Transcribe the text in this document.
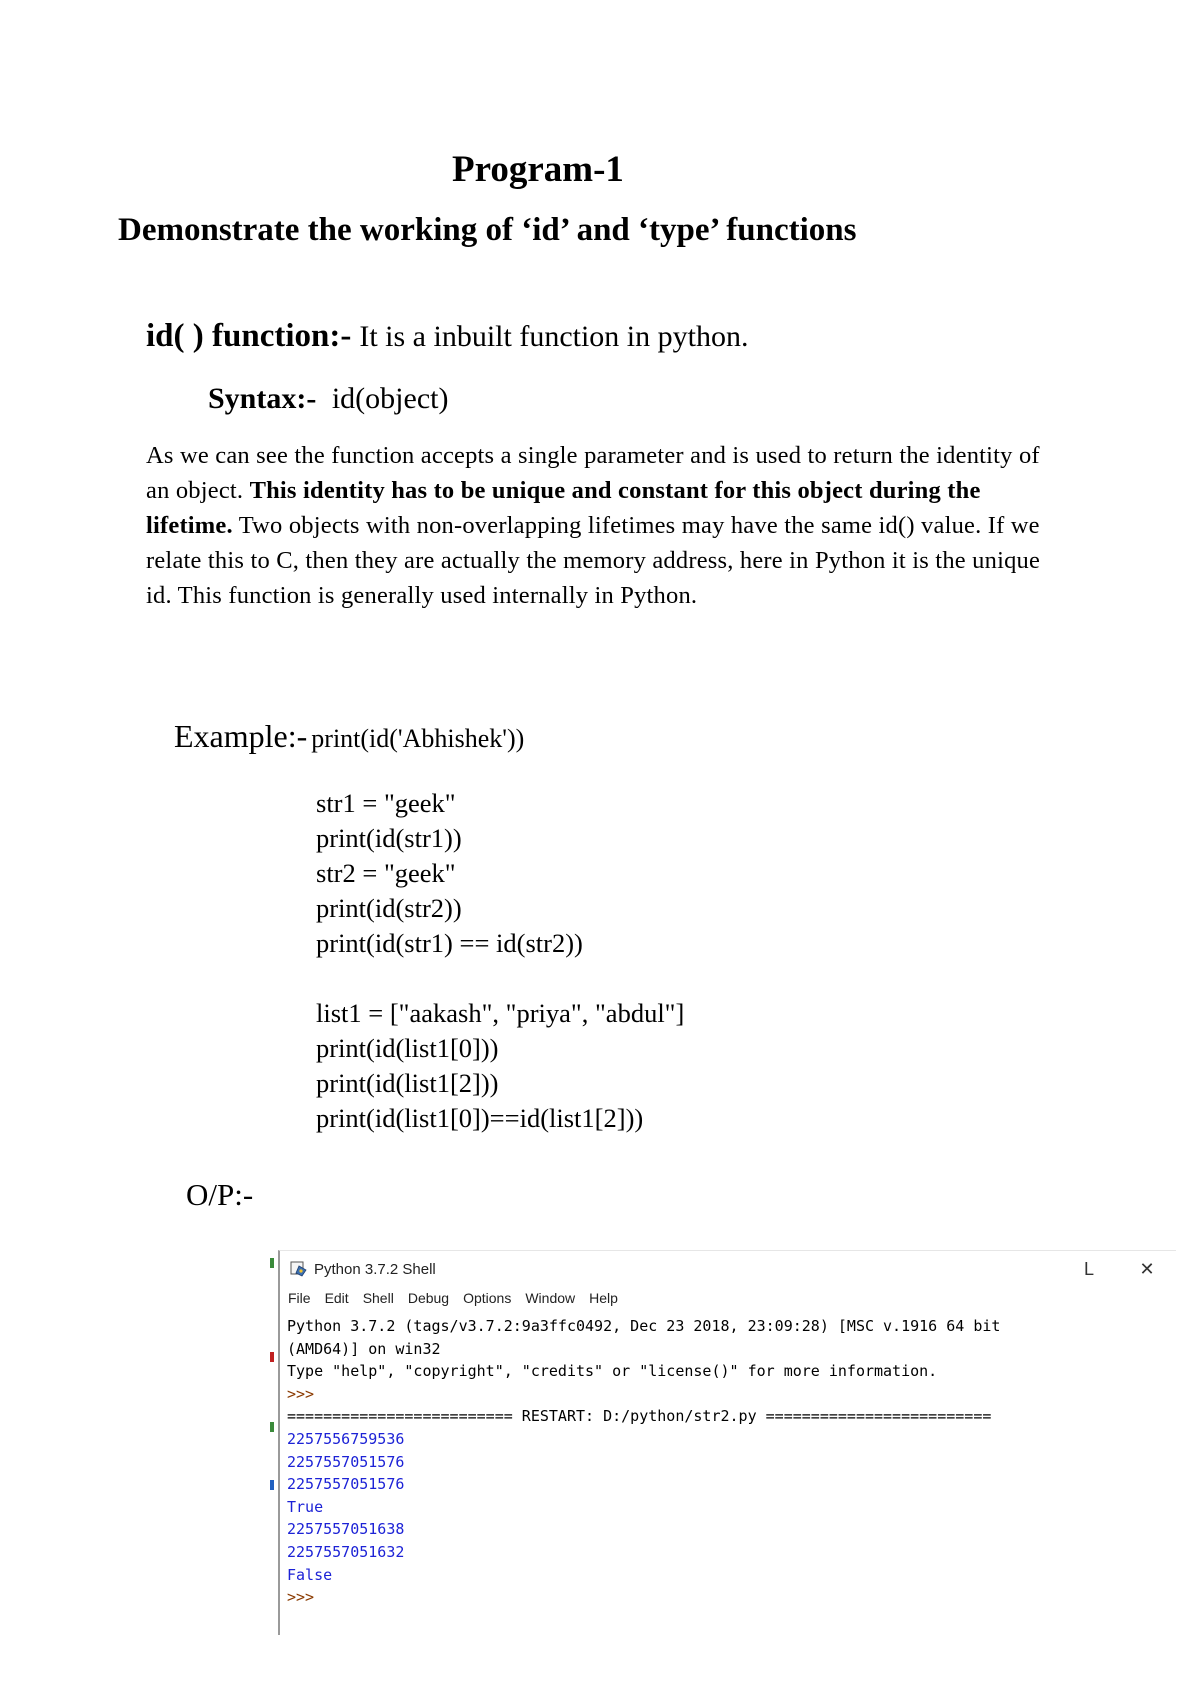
Program-1
Demonstrate the working of ‘id’ and ‘type’ functions
id( ) function:- It is a inbuilt function in python.
Syntax:- id(object)
As we can see the function accepts a single parameter and is used to return the identity of an object. This identity has to be unique and constant for this object during the lifetime. Two objects with non-overlapping lifetimes may have the same id() value. If we relate this to C, then they are actually the memory address, here in Python it is the unique id. This function is generally used internally in Python.
Example:- print(id('Abhishek'))
str1 = "geek"
print(id(str1))
str2 = "geek"
print(id(str2))
print(id(str1) == id(str2))
list1 = ["aakash", "priya", "abdul"]
print(id(list1[0]))
print(id(list1[2]))
print(id(list1[0])==id(list1[2]))
O/P:-
Python 3.7.2 Shell	L	✕
File Edit Shell Debug Options Window Help
Python 3.7.2 (tags/v3.7.2:9a3ffc0492, Dec 23 2018, 23:09:28) [MSC v.1916 64 bit
(AMD64)] on win32
Type "help", "copyright", "credits" or "license()" for more information.
>>>
========================= RESTART: D:/python/str2.py =========================
2257556759536
2257557051576
2257557051576
True
2257557051638
2257557051632
False
>>>
